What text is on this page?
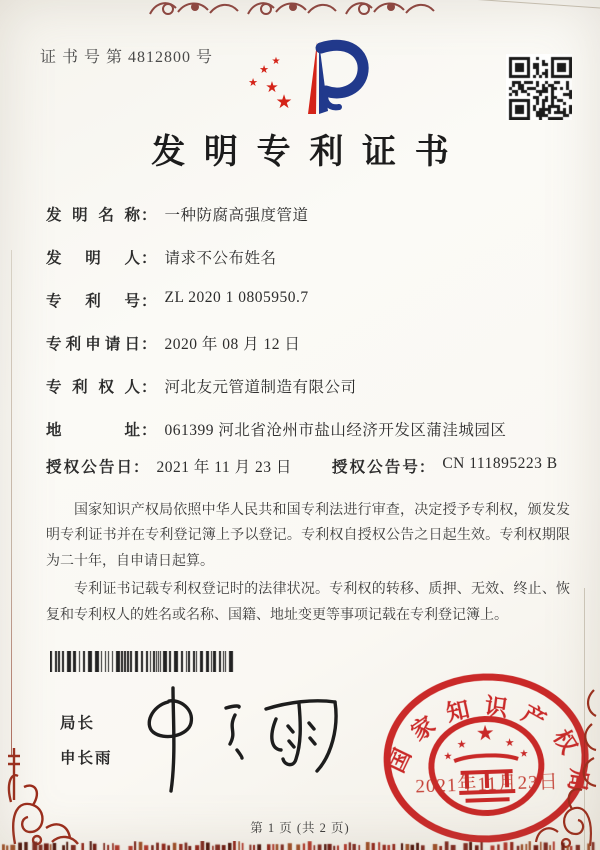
证 书 号 第 4812800 号	★
★
★ ★
★
发明专利证书
发明名称 ： 一种防腐高强度管道
发明人 ： 请求不公布姓名
专利号 ： ZL 2020 1 0805950.7
专利申请日 ： 2020 年 08 月 12 日
专利权人 ： 河北友元管道制造有限公司
地址 ： 061399 河北省沧州市盐山经济开发区蒲洼城园区
授权公告日 ： 2021 年 11 月 23 日	授权公告号 ： CN 111895223 B

国家知识产权局依照中华人民共和国专利法进行审查，决定授予专利权，颁发发明专利证书并在专利登记簿上予以登记。专利权自授权公告之日起生效。专利权期限为二十年，自申请日起算。

专利证书记载专利权登记时的法律状况。专利权的转移、质押、无效、终止、恢复和专利权人的姓名或名称、国籍、地址变更等事项记载在专利登记簿上。

局长
申长雨	国家知识产权局
★
★
★
★
★
2021年11月23日
第 1 页 (共 2 页)
